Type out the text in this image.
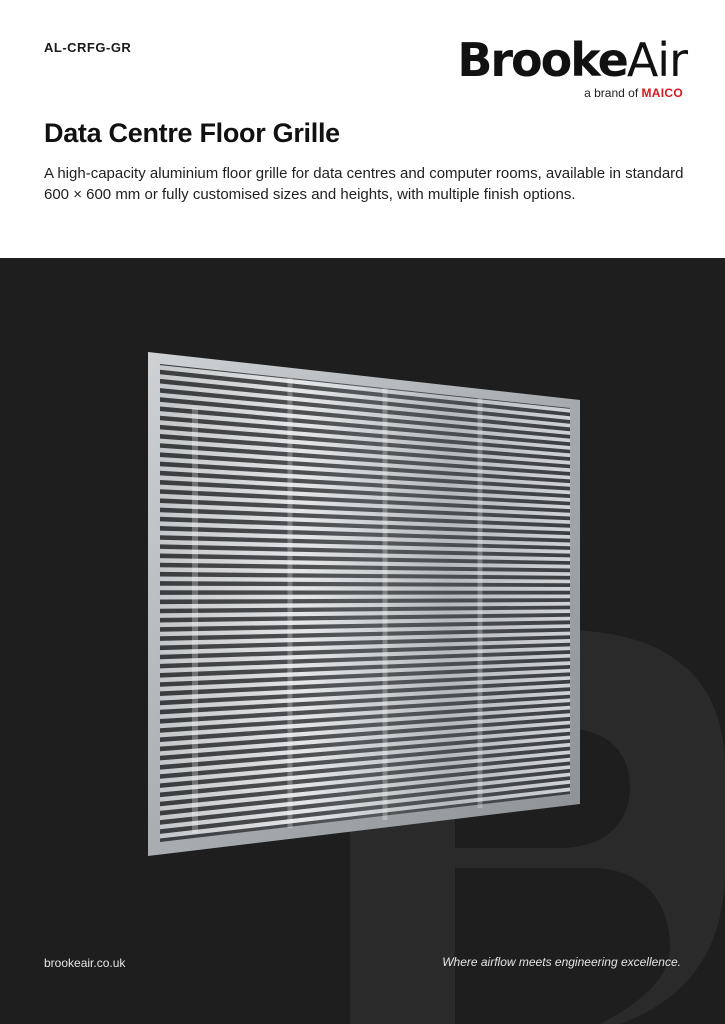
AL-CRFG-GR	BrookeAir
a brand of MAICO
Data Centre Floor Grille

A high-capacity aluminium floor grille for data centres and computer rooms, available in standard 600 × 600 mm or fully customised sizes and heights, with multiple finish options.

brookeair.co.uk	Where airflow meets engineering excellence.
